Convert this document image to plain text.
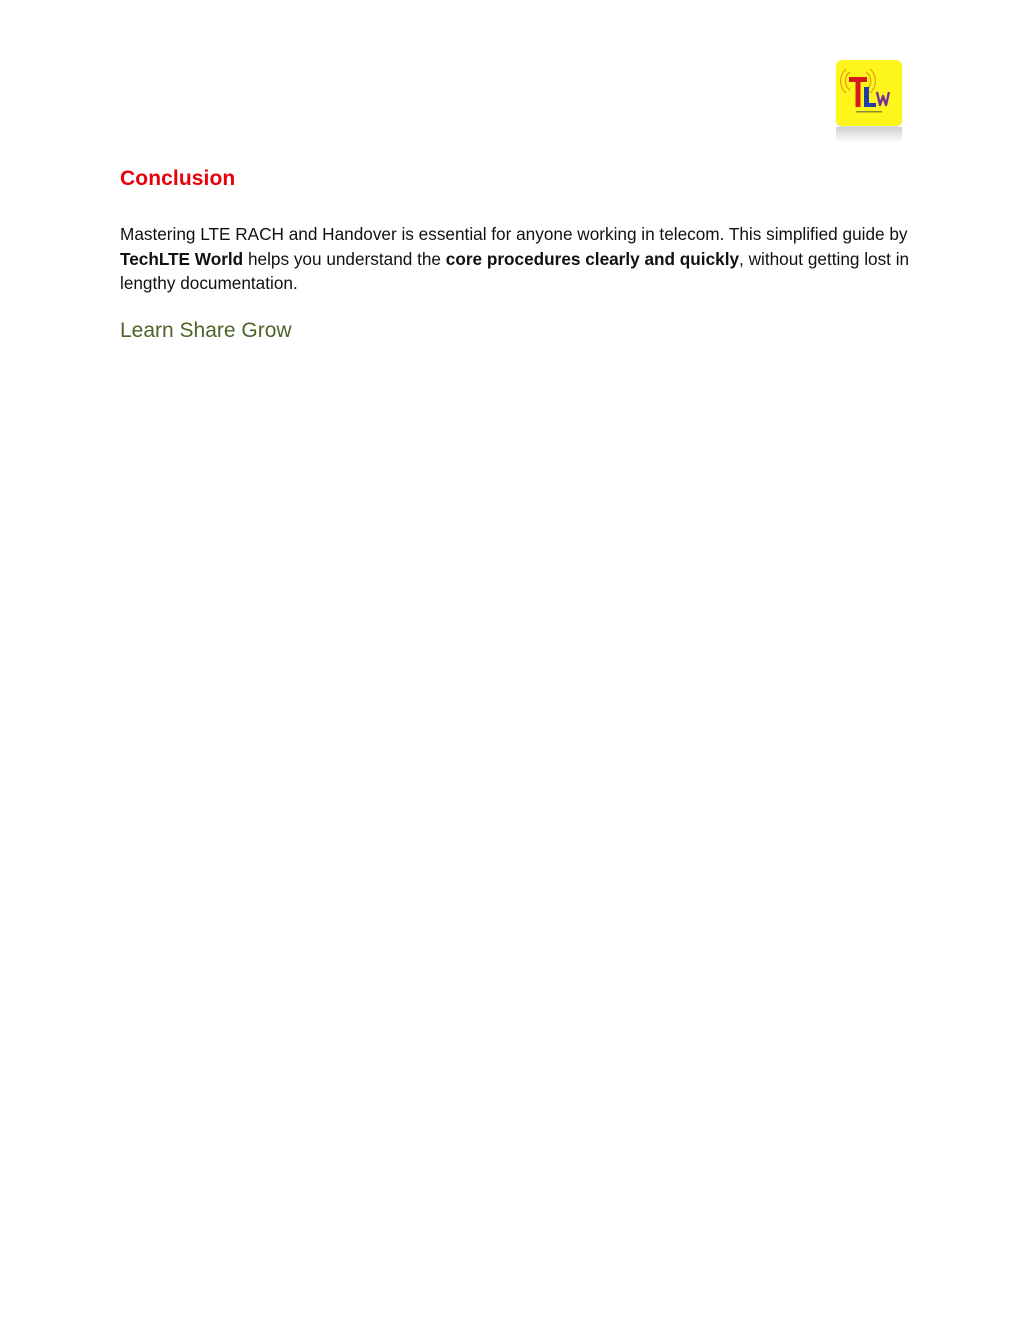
Conclusion

Mastering LTE RACH and Handover is essential for anyone working in telecom. This simplified guide by TechLTE World helps you understand the core procedures clearly and quickly, without getting lost in lengthy documentation.

Learn Share Grow
